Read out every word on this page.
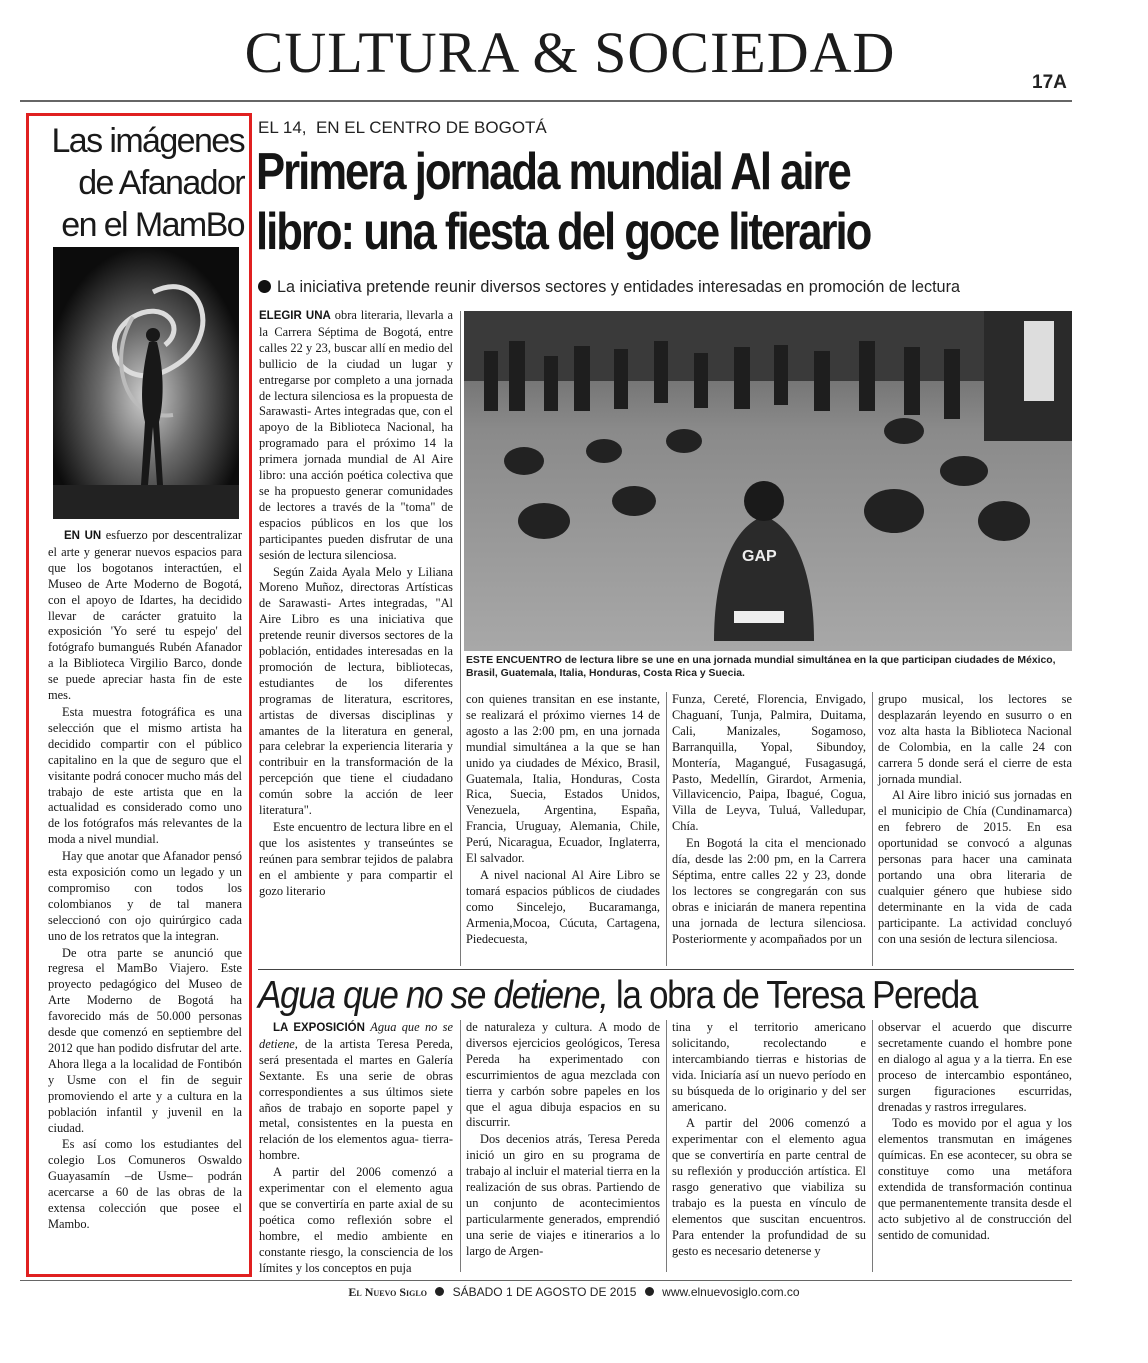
CULTURA & SOCIEDAD	17A
Las imágenes
de Afanador
en el MamBo

EN UN esfuerzo por descentralizar el arte y generar nuevos espacios para que los bogotanos interactúen, el Museo de Arte Moderno de Bogotá, con el apoyo de Idartes, ha decidido llevar de carácter gratuito la exposición 'Yo seré tu espejo' del fotógrafo bumangués Rubén Afanador a la Biblioteca Virgilio Barco, donde se puede apreciar hasta fin de este mes.

Esta muestra fotográfica es una selección que el mismo artista ha decidido compartir con el público capitalino en la que de seguro que el visitante podrá conocer mucho más del trabajo de este artista que en la actualidad es considerado como uno de los fotógrafos más relevantes de la moda a nivel mundial.

Hay que anotar que Afanador pensó esta exposición como un legado y un compromiso con todos los colombianos y de tal manera seleccionó con ojo quirúrgico cada uno de los retratos que la integran.

De otra parte se anunció que regresa el MamBo Viajero. Este proyecto pedagógico del Museo de Arte Moderno de Bogotá ha favorecido más de 50.000 personas desde que comenzó en septiembre del 2012 que han podido disfrutar del arte. Ahora llega a la localidad de Fontibón y Usme con el fin de seguir promoviendo el arte y a cultura en la población infantil y juvenil en la ciudad.

Es así como los estudiantes del colegio Los Comuneros Oswaldo Guayasamín –de Usme– podrán acercarse a 60 de las obras de la extensa colección que posee el Mambo.

EL 14,  EN EL CENTRO DE BOGOTÁ
Primera jornada mundial Al aire
libro: una fiesta del goce literario
La iniciativa pretende reunir diversos sectores y entidades interesadas en promoción de lectura
GAP
ESTE ENCUENTRO de lectura libre se une en una jornada mundial simultánea en la que participan ciudades de México, Brasil, Guatemala, Italia, Honduras, Costa Rica y Suecia.

ELEGIR UNA obra literaria, llevarla a la Carrera Séptima de Bogotá, entre calles 22 y 23, buscar allí en medio del bullicio de la ciudad un lugar y entregarse por completo a una jornada de lectura silenciosa es la propuesta de Sarawasti- Artes integradas que, con el apoyo de la Biblioteca Nacional, ha programado para el próximo 14 la primera jornada mundial de Al Aire libro: una acción poética colectiva que se ha propuesto generar comunidades de lectores a través de la "toma" de espacios públicos en los que los participantes pueden disfrutar de una sesión de lectura silenciosa.

Según Zaida Ayala Melo y Liliana Moreno Muñoz, directoras Artísticas de Sarawasti- Artes integradas, "Al Aire Libro es una iniciativa que pretende reunir diversos sectores de la población, entidades interesadas en la promoción de lectura, bibliotecas, estudiantes de los diferentes programas de literatura, escritores, artistas de diversas disciplinas y amantes de la literatura en general, para celebrar la experiencia literaria y contribuir en la transformación de la percepción que tiene el ciudadano común sobre la acción de leer literatura".

Este encuentro de lectura libre en el que los asistentes y transeúntes se reúnen para sembrar tejidos de palabra en el ambiente y para compartir el gozo literario

con quienes transitan en ese instante, se realizará el próximo viernes 14 de agosto a las 2:00 pm, en una jornada mundial simultánea a la que se han unido ya ciudades de México, Brasil, Guatemala, Italia, Honduras, Costa Rica, Suecia, Estados Unidos, Venezuela, Argentina, España, Francia, Uruguay, Alemania, Chile, Perú, Nicaragua, Ecuador, Inglaterra, El salvador.

A nivel nacional Al Aire Libro se tomará espacios públicos de ciudades como Sincelejo, Bucaramanga, Armenia,Mocoa, Cúcuta, Cartagena, Piedecuesta,

Funza, Cereté, Florencia, Envigado, Chaguaní, Tunja, Palmira, Duitama, Cali, Manizales, Sogamoso, Barranquilla, Yopal, Sibundoy, Montería, Magangué, Fusagasugá, Pasto, Medellín, Girardot, Armenia, Villavicencio, Paipa, Ibagué, Cogua, Villa de Leyva, Tuluá, Valledupar, Chía.

En Bogotá la cita el mencionado día, desde las 2:00 pm, en la Carrera Séptima, entre calles 22 y 23, donde los lectores se congregarán con sus obras e iniciarán de manera repentina una jornada de lectura silenciosa. Posteriormente y acompañados por un

grupo musical, los lectores se desplazarán leyendo en susurro o en voz alta hasta la Biblioteca Nacional de Colombia, en la calle 24 con carrera 5 donde será el cierre de esta jornada mundial.

Al Aire libro inició sus jornadas en el municipio de Chía (Cundinamarca) en febrero de 2015. En esa oportunidad se convocó a algunas personas para hacer una caminata portando una obra literaria de cualquier género que hubiese sido determinante en la vida de cada participante. La actividad concluyó con una sesión de lectura silenciosa.

Agua que no se detiene, la obra de Teresa Pereda

LA EXPOSICIÓN Agua que no se detiene, de la artista Teresa Pereda, será presentada el martes en Galería Sextante. Es una serie de obras correspondientes a sus últimos siete años de trabajo en soporte papel y metal, consistentes en la puesta en relación de los elementos agua- tierra-hombre.

A partir del 2006 comenzó a experimentar con el elemento agua que se convertiría en parte axial de su poética como reflexión sobre el hombre, el medio ambiente en constante riesgo, la consciencia de los límites y los conceptos en puja

de naturaleza y cultura. A modo de diversos ejercicios geológicos, Teresa Pereda ha experimentado con escurrimientos de agua mezclada con tierra y carbón sobre papeles en los que el agua dibuja espacios en su discurrir.

Dos decenios atrás, Teresa Pereda inició un giro en su programa de trabajo al incluir el material tierra en la realización de sus obras. Partiendo de un conjunto de acontecimientos particularmente generados, emprendió una serie de viajes e itinerarios a lo largo de Argen-

tina y el territorio americano solicitando, recolectando e intercambiando tierras e historias de vida. Iniciaría así un nuevo período en su búsqueda de lo originario y del ser americano.

A partir del 2006 comenzó a experimentar con el elemento agua que se convertiría en parte central de su reflexión y producción artística. El rasgo generativo que viabiliza su trabajo es la puesta en vínculo de elementos que suscitan encuentros. Para entender la profundidad de su gesto es necesario detenerse y

observar el acuerdo que discurre secretamente cuando el hombre pone en dialogo al agua y a la tierra. En ese proceso de intercambio espontáneo, surgen figuraciones escurridas, drenadas y rastros irregulares.

Todo es movido por el agua y los elementos transmutan en imágenes químicas. En ese acontecer, su obra se constituye como una metáfora extendida de transformación continua que permanentemente transita desde el acto subjetivo al de construcción del sentido de comunidad.

El Nuevo Siglo SÁBADO 1 DE AGOSTO DE 2015 www.elnuevosiglo.com.co
